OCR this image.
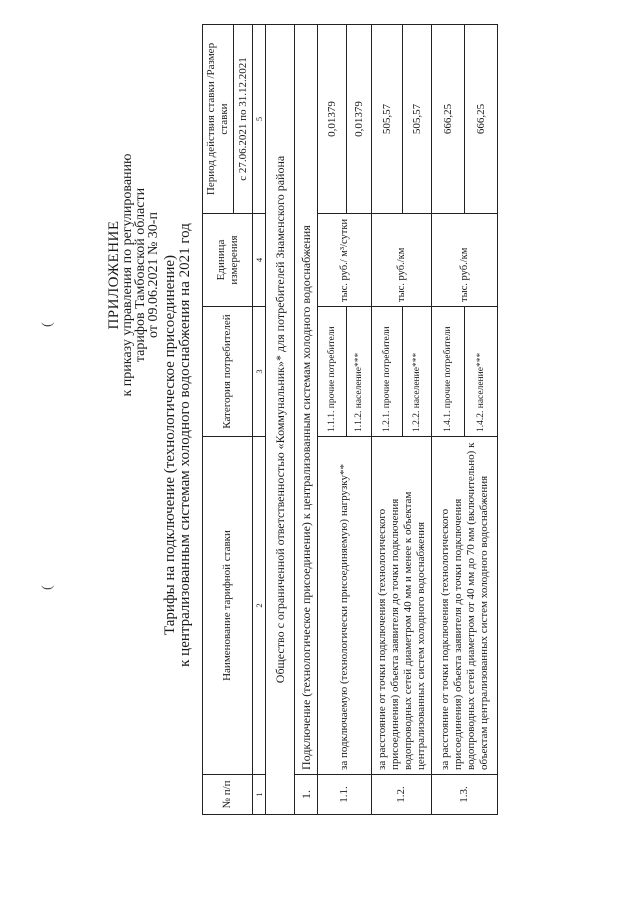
(
(	ПРИЛОЖЕНИЕ
к приказу управления по регулированию
тарифов Тамбовской области
от 09.06.2021 № 30-п Тарифы на подключение (технологическое присоединение) к централизованным системам холодного водоснабжения на 2021 год
№ п/п	Наименование тарифной ставки	Категория потребителей	Единица измерения	Период действия ставки /Размер ставки
				с 27.06.2021 по 31.12.2021
1	2	3	4	5
Общество с ограниченной ответственностью «Коммунальник»* для потребителей Знаменского района				
1.	Подключение (технологическое присоединение) к централизованным системам холодного водоснабжения			
1.1.	за подключаемую (технологически присоединяемую) нагрузку**	1.1.1. прочие потребители	тыс. руб./ м³/сутки	0,01379
		1.1.2. население***		0,01379
1.2.	за расстояние от точки подключения (технологического присоединения) объекта заявителя до точки подключения водопроводных сетей диаметром 40 мм и менее к объектам централизованных систем холодного водоснабжения	1.2.1. прочие потребители	тыс. руб./км	505,57
		1.2.2. население***		505,57
1.3.	за расстояние от точки подключения (технологического присоединения) объекта заявителя до точки подключения водопроводных сетей диаметром от 40 мм до 70 мм (включительно) к объектам централизованных систем холодного водоснабжения	1.4.1. прочие потребители	тыс. руб./км	666,25
		1.4.2. население***		666,25
